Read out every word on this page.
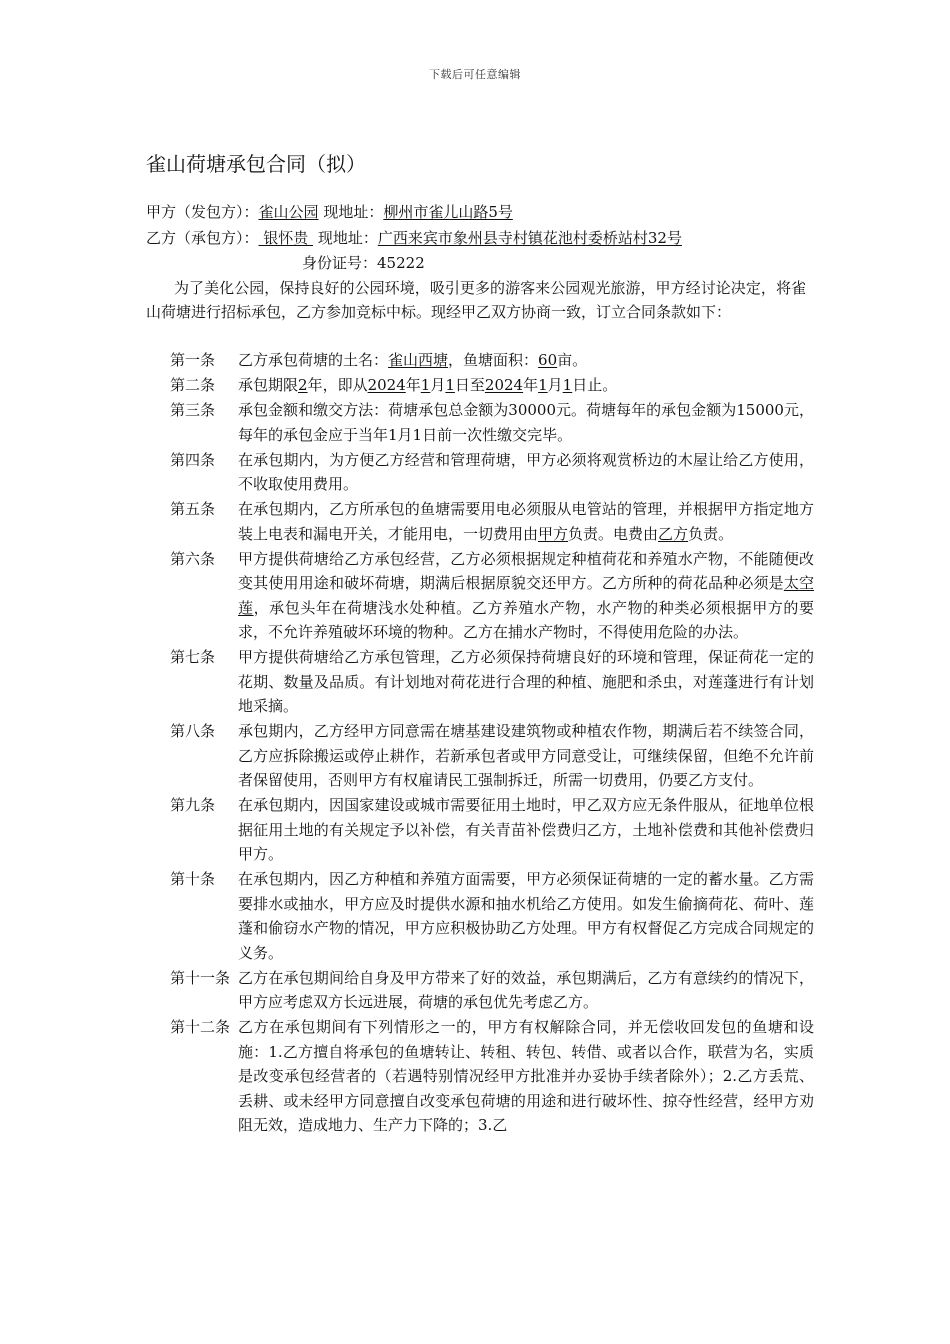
下载后可任意编辑
雀山荷塘承包合同（拟）
甲方（发包方）：雀山公园 现地址：柳州市雀儿山路5号
乙方（承包方）： 银怀贵  现地址：广西来宾市象州县寺村镇花池村委桥站村32号
身份证号：45222
为了美化公园，保持良好的公园环境，吸引更多的游客来公园观光旅游，甲方经讨论决定，将雀山荷塘进行招标承包，乙方参加竞标中标。现经甲乙双方协商一致，订立合同条款如下：
第一条	乙方承包荷塘的土名：雀山西塘，鱼塘面积：60亩。
第二条	承包期限2年，即从2024年1月1日至2024年1月1日止。
第三条	承包金额和缴交方法：荷塘承包总金额为30000元。荷塘每年的承包金额为15000元，每年的承包金应于当年1月1日前一次性缴交完毕。
第四条	在承包期内，为方便乙方经营和管理荷塘，甲方必须将观赏桥边的木屋让给乙方使用，不收取使用费用。
第五条	在承包期内，乙方所承包的鱼塘需要用电必须服从电管站的管理，并根据甲方指定地方装上电表和漏电开关，才能用电，一切费用由甲方负责。电费由乙方负责。
第六条	甲方提供荷塘给乙方承包经营，乙方必须根据规定种植荷花和养殖水产物，不能随便改变其使用用途和破坏荷塘，期满后根据原貌交还甲方。乙方所种的荷花品种必须是太空莲，承包头年在荷塘浅水处种植。乙方养殖水产物，水产物的种类必须根据甲方的要求，不允许养殖破坏环境的物种。乙方在捕水产物时，不得使用危险的办法。
第七条	甲方提供荷塘给乙方承包管理，乙方必须保持荷塘良好的环境和管理，保证荷花一定的花期、数量及品质。有计划地对荷花进行合理的种植、施肥和杀虫，对莲蓬进行有计划地采摘。
第八条	承包期内，乙方经甲方同意需在塘基建设建筑物或种植农作物，期满后若不续签合同，乙方应拆除搬运或停止耕作，若新承包者或甲方同意受让，可继续保留，但绝不允许前者保留使用，否则甲方有权雇请民工强制拆迁，所需一切费用，仍要乙方支付。
第九条	在承包期内，因国家建设或城市需要征用土地时，甲乙双方应无条件服从，征地单位根据征用土地的有关规定予以补偿，有关青苗补偿费归乙方，土地补偿费和其他补偿费归甲方。
第十条	在承包期内，因乙方种植和养殖方面需要，甲方必须保证荷塘的一定的蓄水量。乙方需要排水或抽水，甲方应及时提供水源和抽水机给乙方使用。如发生偷摘荷花、荷叶、莲蓬和偷窃水产物的情况，甲方应积极协助乙方处理。甲方有权督促乙方完成合同规定的义务。
第十一条 乙方在承包期间给自身及甲方带来了好的效益，承包期满后，乙方有意续约的情况下，甲方应考虑双方长远进展，荷塘的承包优先考虑乙方。
第十二条 乙方在承包期间有下列情形之一的，甲方有权解除合同，并无偿收回发包的鱼塘和设施：1.乙方擅自将承包的鱼塘转让、转租、转包、转借、或者以合作，联营为名，实质是改变承包经营者的（若遇特别情况经甲方批准并办妥协手续者除外）；2.乙方丢荒、丢耕、或未经甲方同意擅自改变承包荷塘的用途和进行破坏性、掠夺性经营，经甲方劝阻无效，造成地力、生产力下降的；3.乙
